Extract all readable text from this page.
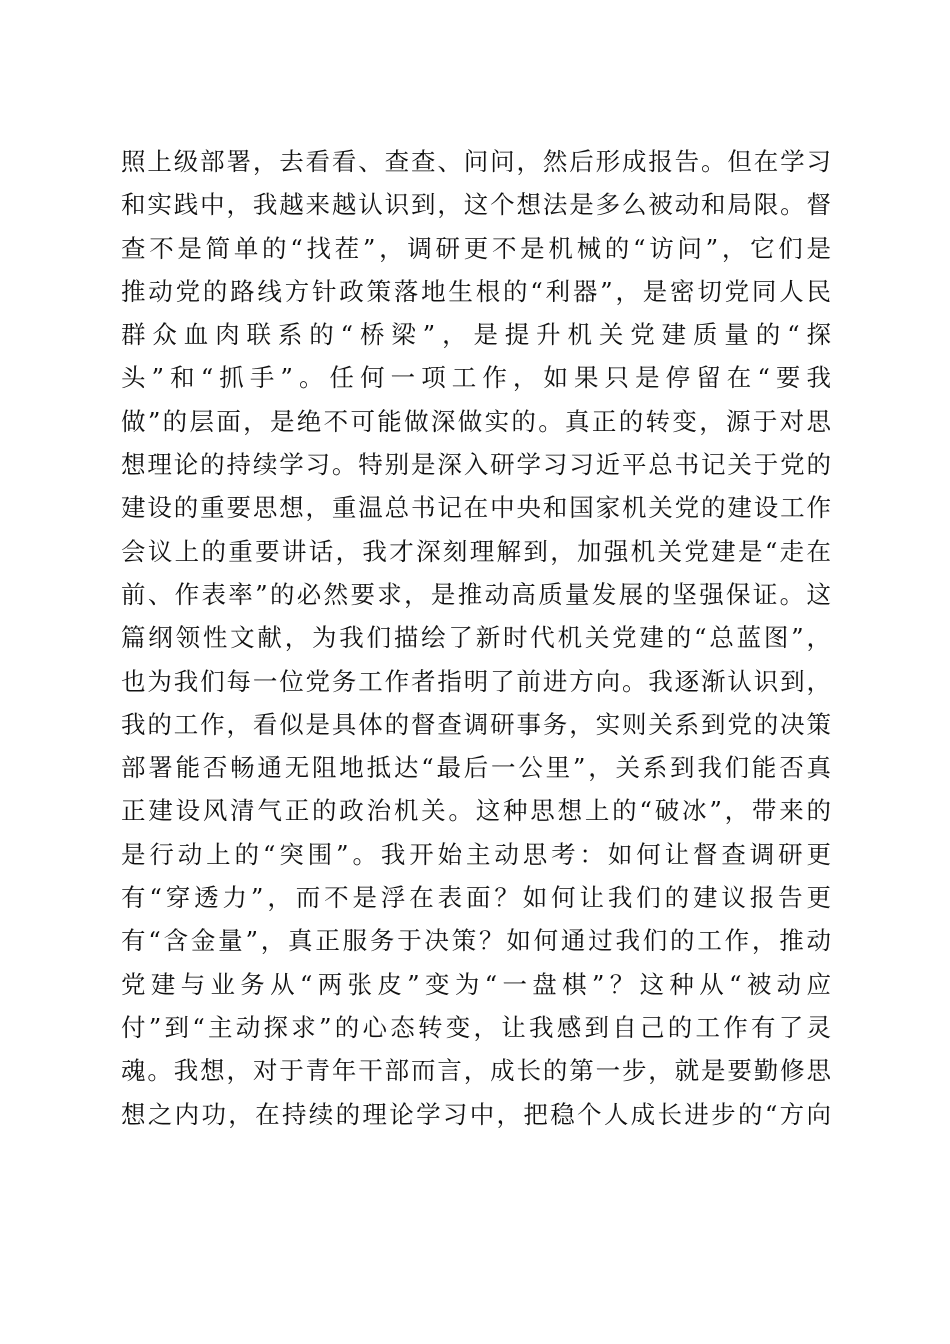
照上级部署，去看看、查查、问问，然后形成报告。但在学习
和实践中，我越来越认识到，这个想法是多么被动和局限。督
查不是简单的“找茬”，调研更不是机械的“访问”，它们是
推动党的路线方针政策落地生根的“利器”，是密切党同人民
群众血肉联系的“桥梁”，是提升机关党建质量的“探
头”和“抓手”。任何一项工作，如果只是停留在“要我
做”的层面，是绝不可能做深做实的。真正的转变，源于对思
想理论的持续学习。特别是深入研学习习近平总书记关于党的
建设的重要思想，重温总书记在中央和国家机关党的建设工作
会议上的重要讲话，我才深刻理解到，加强机关党建是“走在
前、作表率”的必然要求，是推动高质量发展的坚强保证。这
篇纲领性文献，为我们描绘了新时代机关党建的“总蓝图”，
也为我们每一位党务工作者指明了前进方向。我逐渐认识到，
我的工作，看似是具体的督查调研事务，实则关系到党的决策
部署能否畅通无阻地抵达“最后一公里”，关系到我们能否真
正建设风清气正的政治机关。这种思想上的“破冰”，带来的
是行动上的“突围”。我开始主动思考：如何让督查调研更
有“穿透力”，而不是浮在表面？如何让我们的建议报告更
有“含金量”，真正服务于决策？如何通过我们的工作，推动
党建与业务从“两张皮”变为“一盘棋”？这种从“被动应
付”到“主动探求”的心态转变，让我感到自己的工作有了灵
魂。我想，对于青年干部而言，成长的第一步，就是要勤修思
想之内功，在持续的理论学习中，把稳个人成长进步的“方向
